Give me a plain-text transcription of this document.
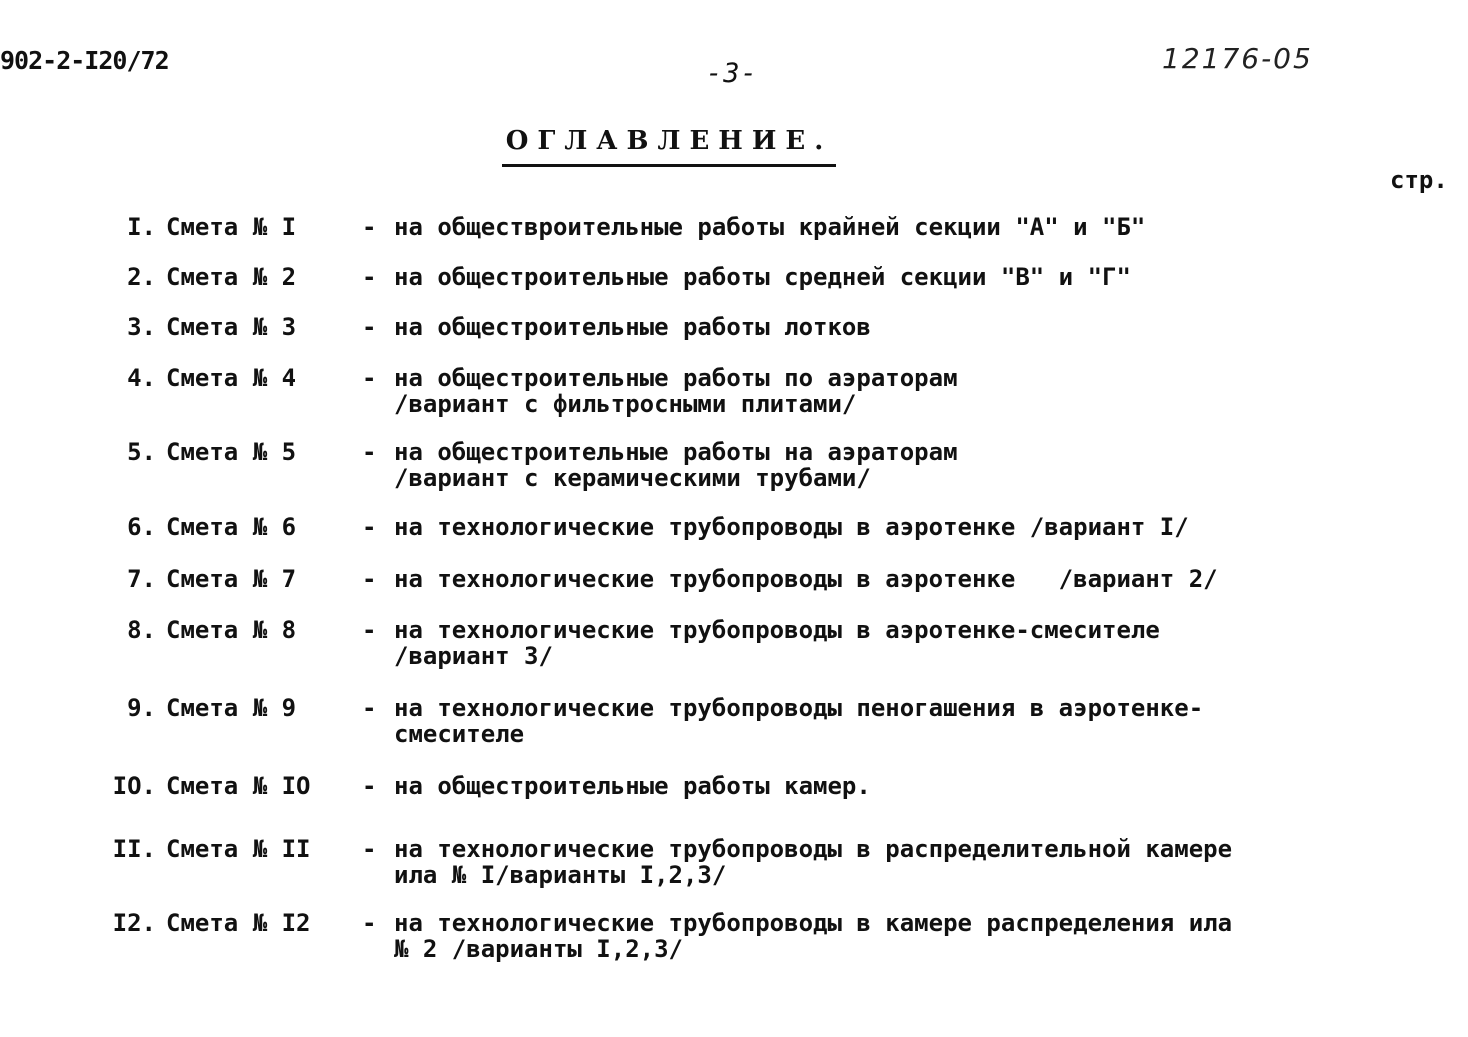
902-2-I20/72	-3-	12176-05
ОГЛАВЛЕНИЕ.
стр.
I. Смета № I	- на обществроительные работы крайней секции "А" и "Б"
2. Смета № 2	- на общестроительные работы средней секции "В" и "Г"
3. Смета № 3	- на общестроительные работы лотков
4. Смета № 4	- на общестроительные работы по аэраторам
/вариант с фильтросными плитами/
5. Смета № 5	- на общестроительные работы на аэраторам
/вариант с керамическими трубами/
6. Смета № 6	- на технологические трубопроводы в аэротенке /вариант I/
7. Смета № 7	- на технологические трубопроводы в аэротенке   /вариант 2/
8. Смета № 8	- на технологические трубопроводы в аэротенке-смесителе
/вариант 3/
9. Смета № 9	- на технологические трубопроводы пеногашения в аэротенке-
смесителе
IO. Смета № IO	- на общестроительные работы камер.
II. Смета № II	- на технологические трубопроводы в распределительной камере
ила № I/варианты I,2,3/
I2. Смета № I2	- на технологические трубопроводы в камере распределения ила
№ 2 /варианты I,2,3/
